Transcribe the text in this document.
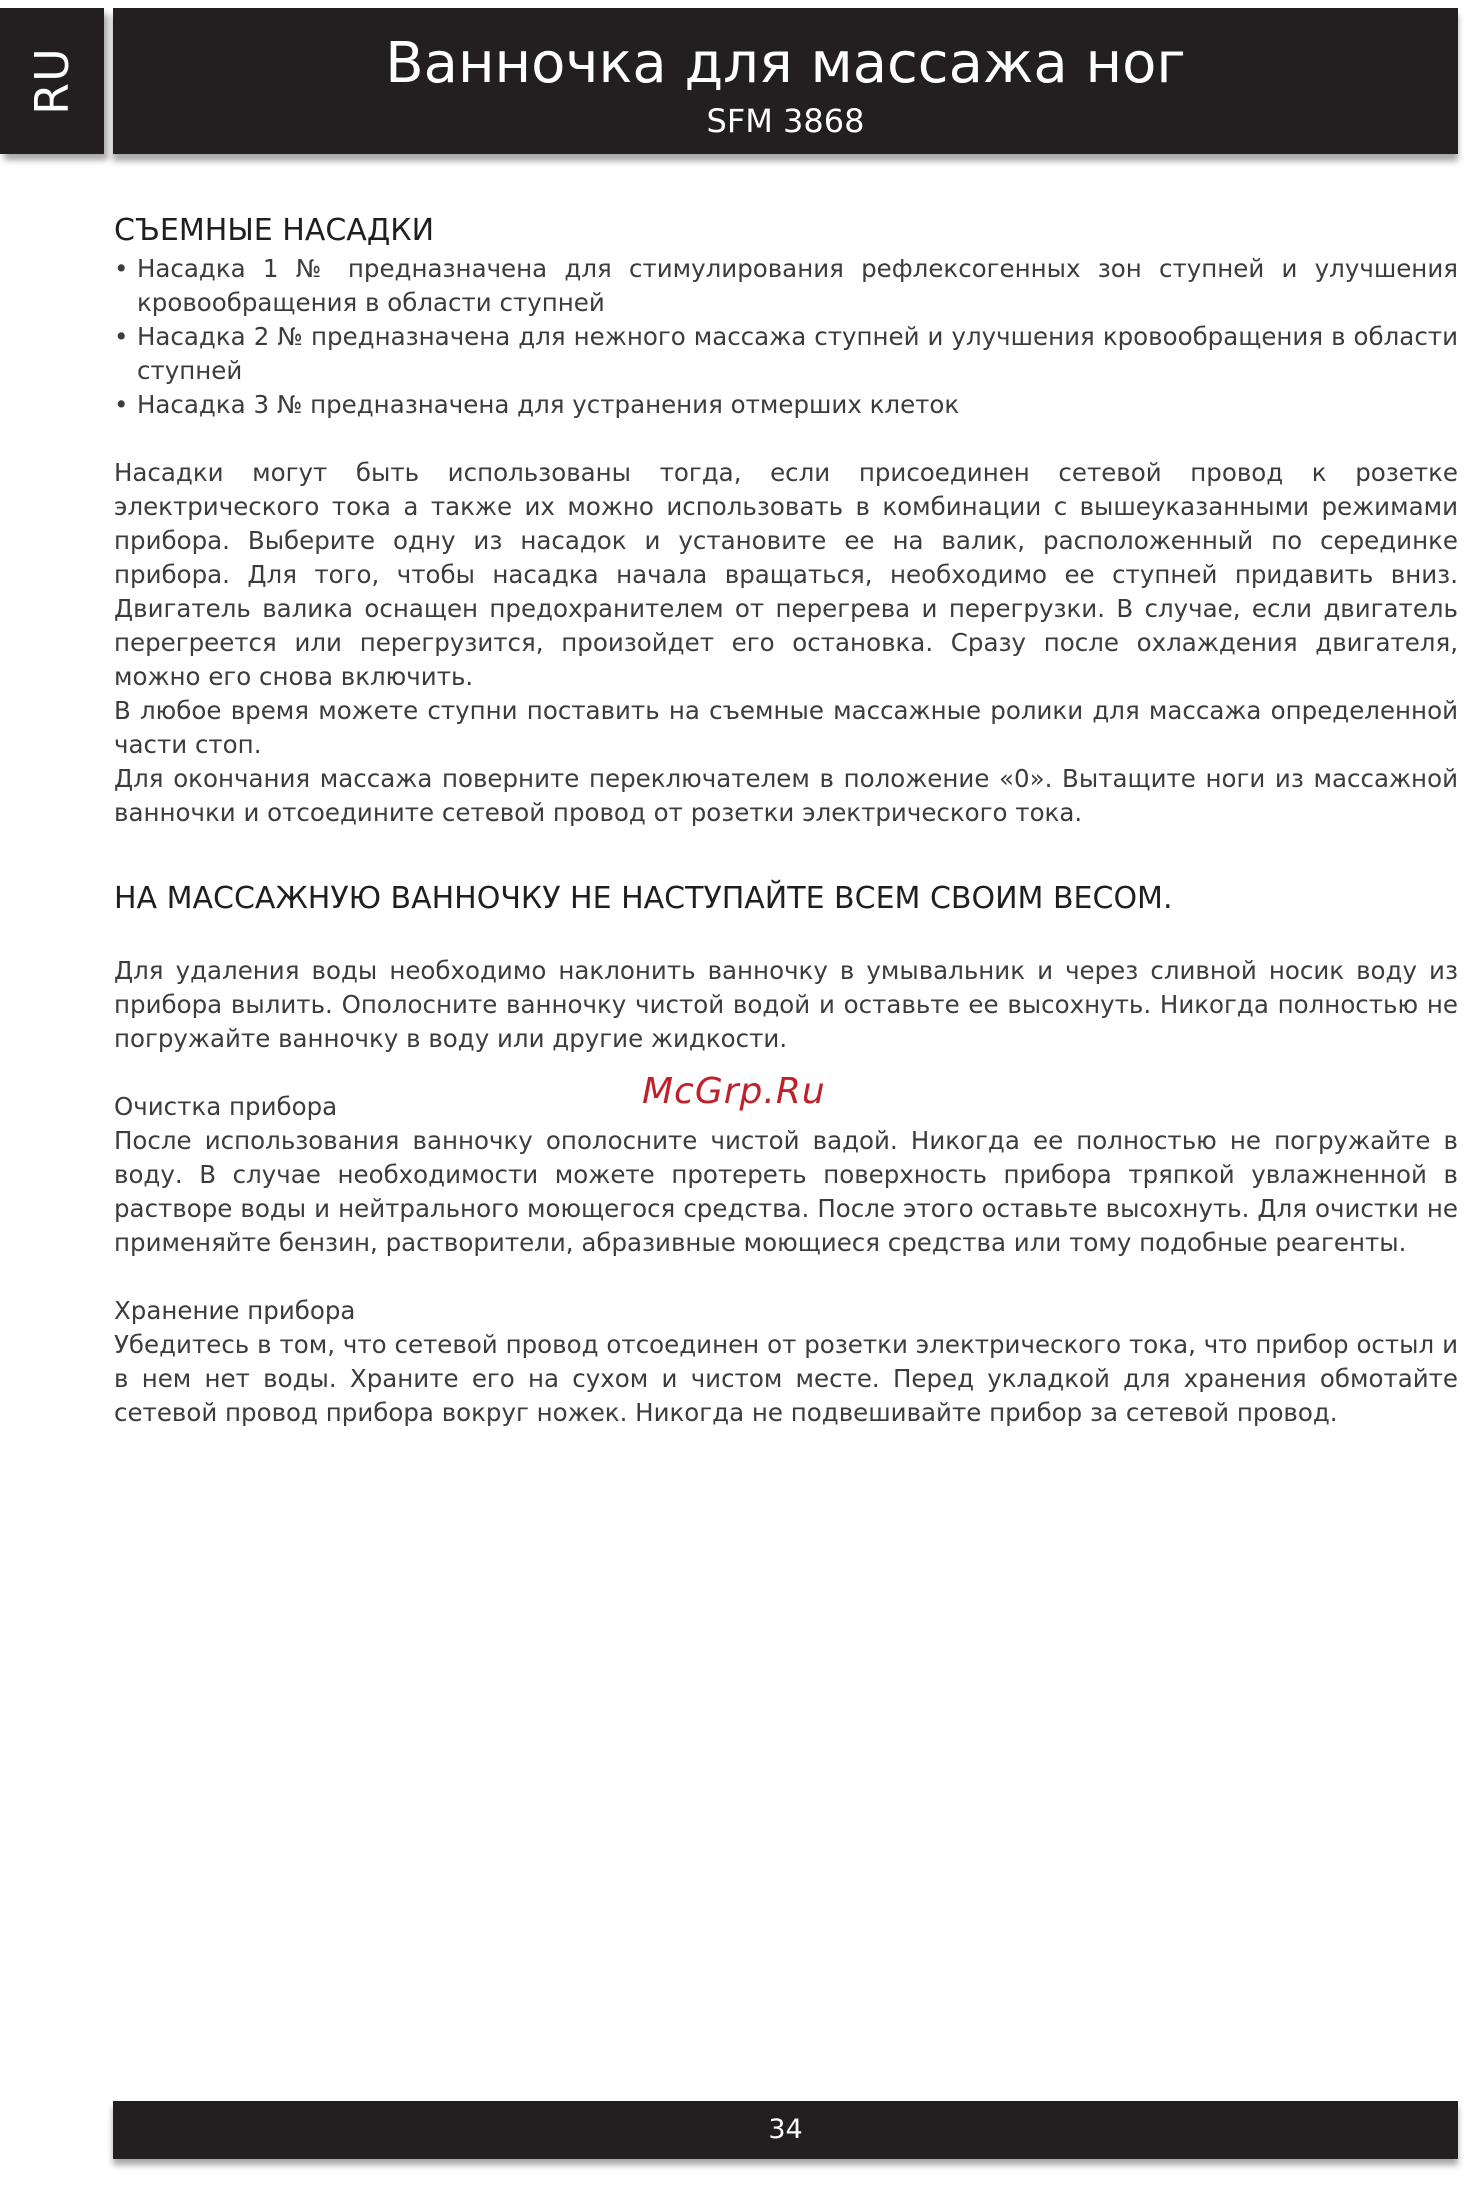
RU	Ванночка для массажа ног
SFM 3868
СЪЕМНЫЕ НАСАДКИ
• Насадка 1 № предназначена для стимулирования рефлексогенных зон ступней и улучшения кровообращения в области ступней
• Насадка 2 № предназначена для нежного массажа ступней и улучшения кровообращения в области ступней
• Насадка 3 № предназначена для устранения отмерших клеток

Насадки могут быть использованы тогда, если присоединен сетевой провод к розетке электрического тока а также их можно использовать в комбинации с вышеуказанными режимами прибора. Выберите одну из насадок и установите ее на валик, расположенный по серединке прибора. Для того, чтобы насадка начала вращаться, необходимо ее ступней придавить вниз. Двигатель валика оснащен предохранителем от перегрева и перегрузки. В случае, если двигатель перегреется или перегрузится, произойдет его остановка. Сразу после охлаждения двигателя, можно его снова включить.

В любое время можете ступни поставить на съемные массажные ролики для массажа определенной части стоп.

Для окончания массажа поверните переключателем в положение «0». Вытащите ноги из массажной ванночки и отсоедините сетевой провод от розетки электрического тока.

НА МАССАЖНУЮ ВАННОЧКУ НЕ НАСТУПАЙТЕ ВСЕМ СВОИМ ВЕСОМ.

Для удаления воды необходимо наклонить ванночку в умывальник и через сливной носик воду из прибора вылить. Ополосните ванночку чистой водой и оставьте ее высохнуть. Никогда полностью не погружайте ванночку в воду или другие жидкости.

Очистка прибора

После использования ванночку ополосните чистой вадой. Никогда ее полностью не погружайте в воду. В случае необходимости можете протереть поверхность прибора тряпкой увлажненной в растворе воды и нейтрального моющегося средства. После этого оставьте высохнуть. Для очистки не применяйте бензин, растворители, абразивные моющиеся средства или тому подобные реагенты.

Хранение прибора

Убедитесь в том, что сетевой провод отсоединен от розетки электрического тока, что прибор остыл и в нем нет воды. Храните его на сухом и чистом месте. Перед укладкой для хранения обмотайте сетевой провод прибора вокруг ножек. Никогда не подвешивайте прибор за сетевой провод.

McGrp.Ru
34
